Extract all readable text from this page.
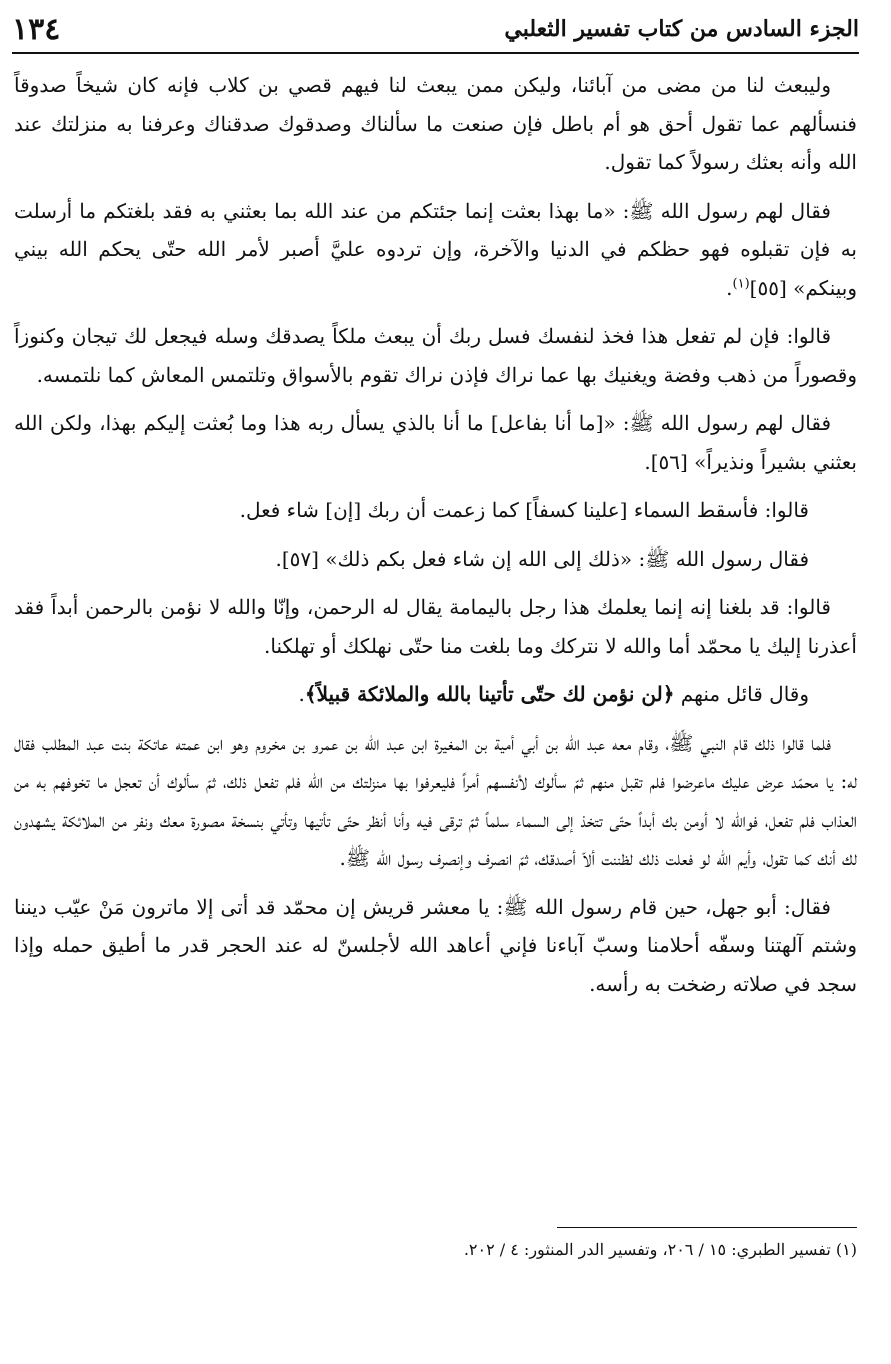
الجزء السادس من كتاب تفسير الثعلبي
١٣٤

وليبعث لنا من مضى من آبائنا، وليكن ممن يبعث لنا فيهم قصي بن كلاب فإنه كان شيخاً صدوقاً فنسألهم عما تقول أحق هو أم باطل فإن صنعت ما سألناك وصدقوك صدقناك وعرفنا به منزلتك عند الله وأنه بعثك رسولاً كما تقول.

فقال لهم رسول الله ﷺ: «ما بهذا بعثت إنما جئتكم من عند الله بما بعثني به فقد بلغتكم ما أرسلت به فإن تقبلوه فهو حظكم في الدنيا والآخرة، وإن تردوه عليَّ أصبر لأمر الله حتّى يحكم الله بيني وبينكم» [٥٥]$^{(١)}$.

قالوا: فإن لم تفعل هذا فخذ لنفسك فسل ربك أن يبعث ملكاً يصدقك وسله فيجعل لك تيجان وكنوزاً وقصوراً من ذهب وفضة ويغنيك بها عما نراك فإذن نراك تقوم بالأسواق وتلتمس المعاش كما نلتمسه.

فقال لهم رسول الله ﷺ: «[ما أنا بفاعل] ما أنا بالذي يسأل ربه هذا وما بُعثت إليكم بهذا، ولكن الله بعثني بشيراً ونذيراً» [٥٦].

قالوا: فأسقط السماء [علينا كسفاً] كما زعمت أن ربك [إن] شاء فعل.

فقال رسول الله ﷺ: «ذلك إلى الله إن شاء فعل بكم ذلك» [٥٧].

قالوا: قد بلغنا إنه إنما يعلمك هذا رجل باليمامة يقال له الرحمن، وإنّا والله لا نؤمن بالرحمن أبداً فقد أعذرنا إليك يا محمّد أما والله لا نتركك وما بلغت منا حتّى نهلكك أو تهلكنا.

وقال قائل منهم ﴿لن نؤمن لك حتّى تأتينا بالله والملائكة قبيلاً﴾.

فلما قالوا ذلك قام النبي ﷺ، وقام معه عبد الله بن أبي أمية بن المغيرة ابن عبد الله بن عمرو بن مخروم وهو ابن عمته عاتكة بنت عبد المطلب فقال له: يا محمّد عرض عليك ماعرضوا فلم تقبل منهم ثمّ سألوك لأنفسهم أمراً فليعرفوا بها منزلتك من الله فلم تفعل ذلك، ثمّ سألوك أن تعجل ما تخوفهم به من العذاب فلم تفعل، فوالله لا أومن بك أبداً حتّى تتخذ إلى السماء سلماً ثمّ ترقى فيه وأنا أنظر حتّى تأتيها وتأتي بنسخة مصورة معك ونفر من الملائكة يشهدون لك أنك كما تقول، وأيم الله لو فعلت ذلك لظننت ألاّ أصدقك، ثمّ انصرف وإنصرف رسول الله ﷺ.

فقال: أبو جهل، حين قام رسول الله ﷺ: يا معشر قريش إن محمّد قد أتى إلا ماترون مَنْ عيّب ديننا وشتم آلهتنا وسفّه أحلامنا وسبّ آباءنا فإني أعاهد الله لأجلسنّ له عند الحجر قدر ما أطيق حمله وإذا سجد في صلاته رضخت به رأسه.

(١) تفسير الطبري: ١٥ / ٢٠٦، وتفسير الدر المنثور: ٤ / ٢٠٢.
